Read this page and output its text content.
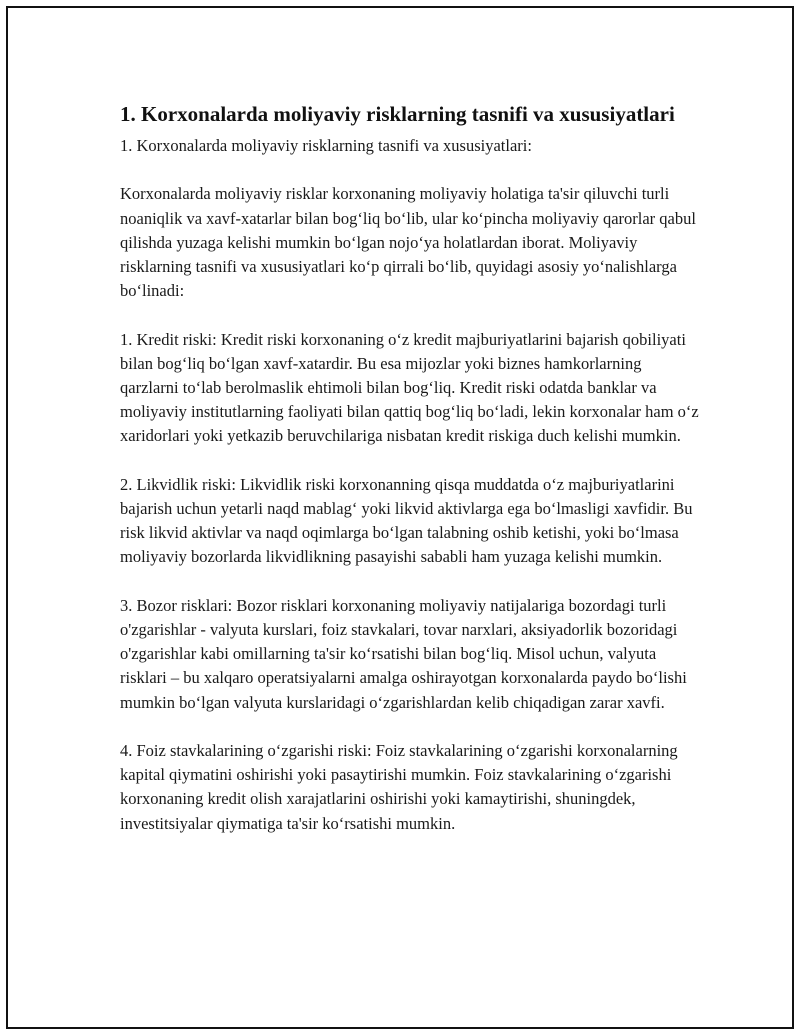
1. Korxonalarda moliyaviy risklarning tasnifi va xususiyatlari

1. Korxonalarda moliyaviy risklarning tasnifi va xususiyatlari:

Korxonalarda moliyaviy risklar korxonaning moliyaviy holatiga ta'sir qiluvchi turli noaniqlik va xavf-xatarlar bilan bog‘liq bo‘lib, ular ko‘pincha moliyaviy qarorlar qabul qilishda yuzaga kelishi mumkin bo‘lgan nojo‘ya holatlardan iborat. Moliyaviy risklarning tasnifi va xususiyatlari ko‘p qirrali bo‘lib, quyidagi asosiy yo‘nalishlarga bo‘linadi:

1. Kredit riski: Kredit riski korxonaning o‘z kredit majburiyatlarini bajarish qobiliyati bilan bog‘liq bo‘lgan xavf-xatardir. Bu esa mijozlar yoki biznes hamkorlarning qarzlarni to‘lab berolmaslik ehtimoli bilan bog‘liq. Kredit riski odatda banklar va moliyaviy institutlarning faoliyati bilan qattiq bog‘liq bo‘ladi, lekin korxonalar ham o‘z xaridorlari yoki yetkazib beruvchilariga nisbatan kredit riskiga duch kelishi mumkin.

2. Likvidlik riski: Likvidlik riski korxonanning qisqa muddatda o‘z majburiyatlarini bajarish uchun yetarli naqd mablag‘ yoki likvid aktivlarga ega bo‘lmasligi xavfidir. Bu risk likvid aktivlar va naqd oqimlarga bo‘lgan talabning oshib ketishi, yoki bo‘lmasa moliyaviy bozorlarda likvidlikning pasayishi sababli ham yuzaga kelishi mumkin.

3. Bozor risklari: Bozor risklari korxonaning moliyaviy natijalariga bozordagi turli o'zgarishlar - valyuta kurslari, foiz stavkalari, tovar narxlari, aksiyadorlik bozoridagi o'zgarishlar kabi omillarning ta'sir ko‘rsatishi bilan bog‘liq. Misol uchun, valyuta risklari – bu xalqaro operatsiyalarni amalga oshirayotgan korxonalarda paydo bo‘lishi mumkin bo‘lgan valyuta kurslaridagi o‘zgarishlardan kelib chiqadigan zarar xavfi.

4. Foiz stavkalarining o‘zgarishi riski: Foiz stavkalarining o‘zgarishi korxonalarning kapital qiymatini oshirishi yoki pasaytirishi mumkin. Foiz stavkalarining o‘zgarishi korxonaning kredit olish xarajatlarini oshirishi yoki kamaytirishi, shuningdek, investitsiyalar qiymatiga ta'sir ko‘rsatishi mumkin.
